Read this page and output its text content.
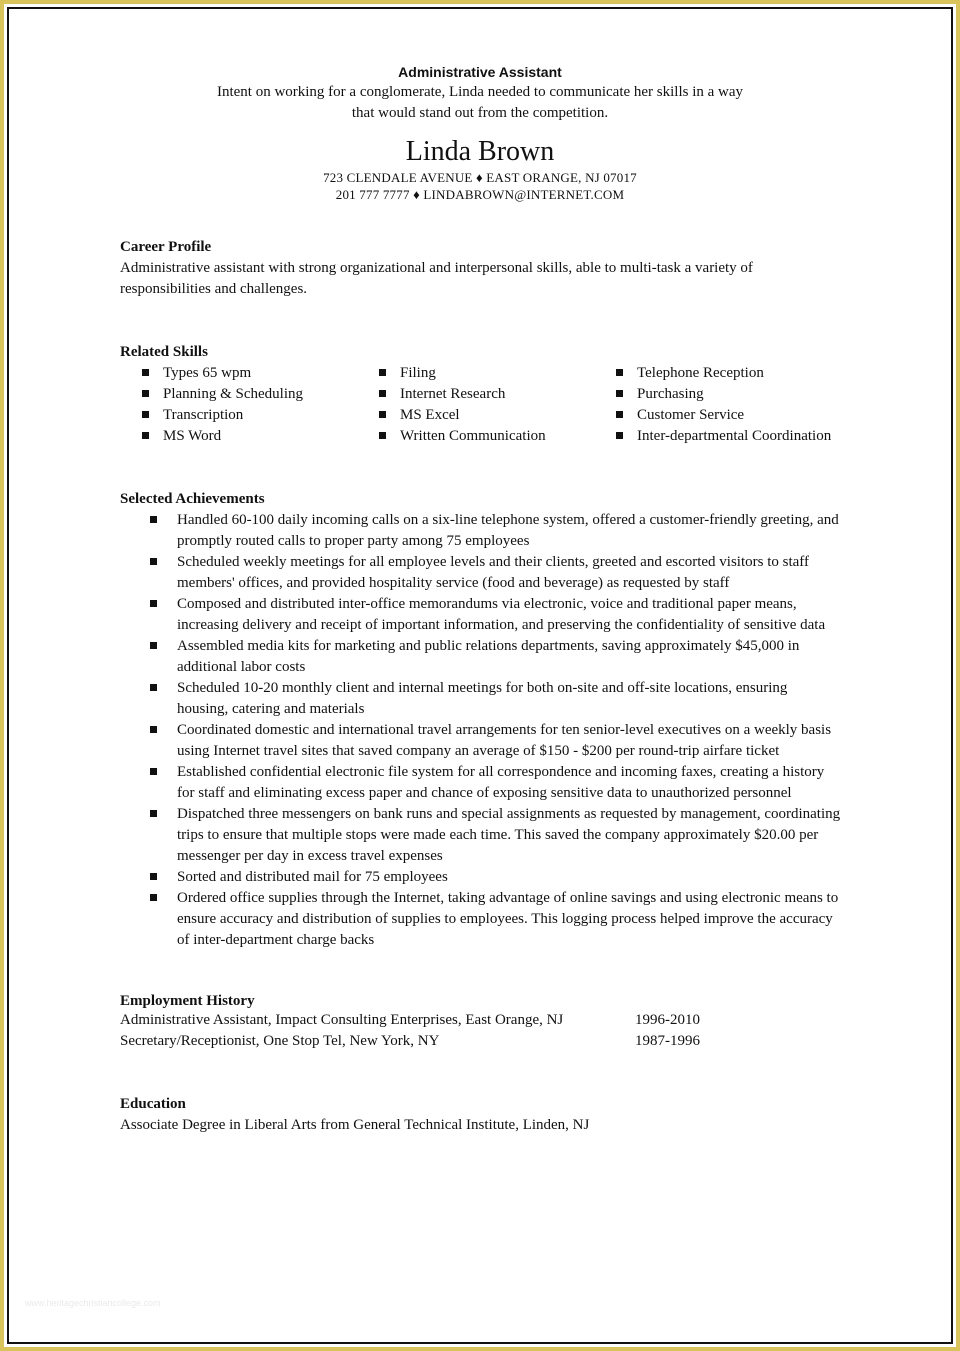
Administrative Assistant
Intent on working for a conglomerate, Linda needed to communicate her skills in a way that would stand out from the competition.
Linda Brown
723 CLENDALE AVENUE ♦ EAST ORANGE, NJ 07017
201 777 7777 ♦ LINDABROWN@INTERNET.COM
Career Profile
Administrative assistant with strong organizational and interpersonal skills, able to multi-task a variety of responsibilities and challenges.
Related Skills
Types 65 wpm
Planning & Scheduling
Transcription
MS Word
Filing
Internet Research
MS Excel
Written Communication
Telephone Reception
Purchasing
Customer Service
Inter-departmental Coordination
Selected Achievements
Handled 60-100 daily incoming calls on a six-line telephone system, offered a customer-friendly greeting, and promptly routed calls to proper party among 75 employees
Scheduled weekly meetings for all employee levels and their clients, greeted and escorted visitors to staff members' offices, and provided hospitality service (food and beverage) as requested by staff
Composed and distributed inter-office memorandums via electronic, voice and traditional paper means, increasing delivery and receipt of important information, and preserving the confidentiality of sensitive data
Assembled media kits for marketing and public relations departments, saving approximately $45,000 in additional labor costs
Scheduled 10-20 monthly client and internal meetings for both on-site and off-site locations, ensuring housing, catering and materials
Coordinated domestic and international travel arrangements for ten senior-level executives on a weekly basis using Internet travel sites that saved company an average of $150 - $200 per round-trip airfare ticket
Established confidential electronic file system for all correspondence and incoming faxes, creating a history for staff and eliminating excess paper and chance of exposing sensitive data to unauthorized personnel
Dispatched three messengers on bank runs and special assignments as requested by management, coordinating trips to ensure that multiple stops were made each time. This saved the company approximately $20.00 per messenger per day in excess travel expenses
Sorted and distributed mail for 75 employees
Ordered office supplies through the Internet, taking advantage of online savings and using electronic means to ensure accuracy and distribution of supplies to employees. This logging process helped improve the accuracy of inter-department charge backs
Employment History
Administrative Assistant, Impact Consulting Enterprises, East Orange, NJ	1996-2010
Secretary/Receptionist, One Stop Tel, New York, NY	1987-1996
Education
Associate Degree in Liberal Arts from General Technical Institute, Linden, NJ
www.heritagechristiancollege.com
